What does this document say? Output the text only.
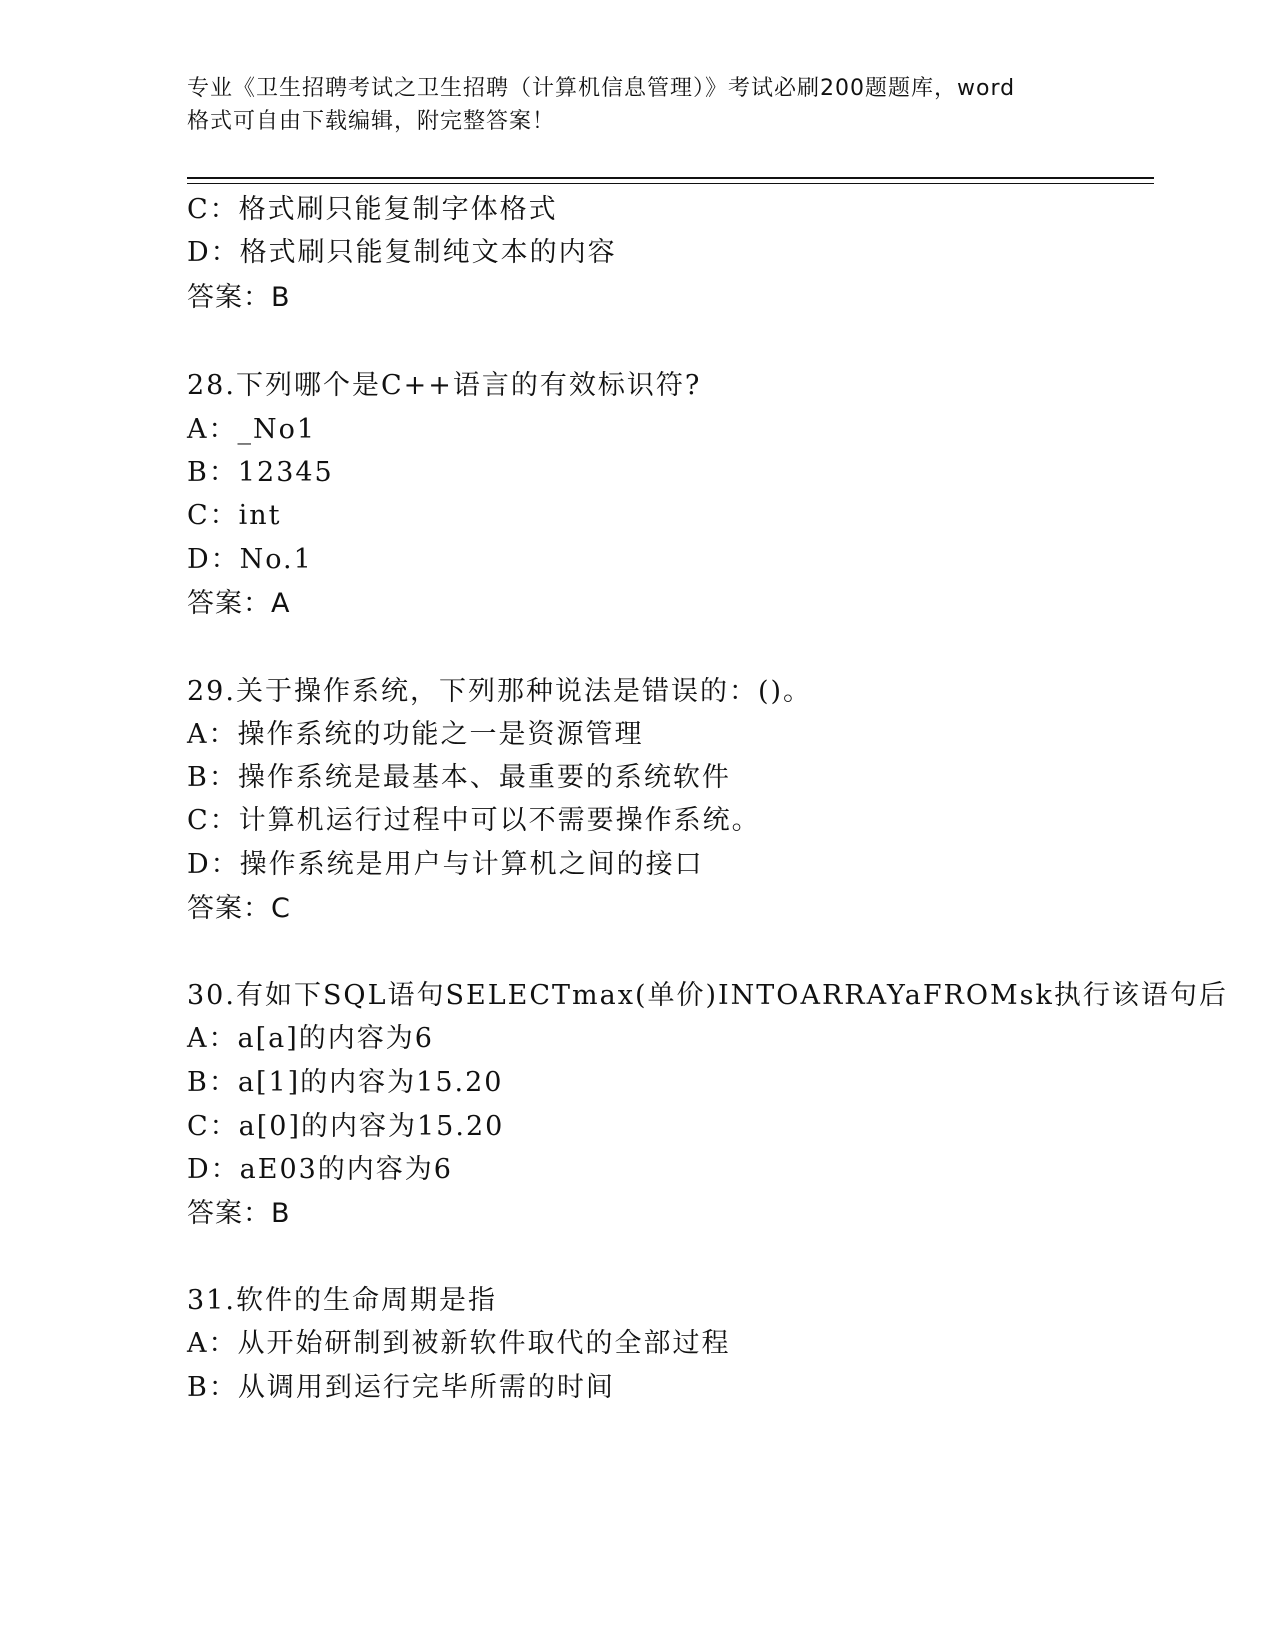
专业《卫生招聘考试之卫生招聘（计算机信息管理）》考试必刷200题题库，word
格式可自由下载编辑，附完整答案！
C：格式刷只能复制字体格式
D：格式刷只能复制纯文本的内容
答案：B
28.下列哪个是C++语言的有效标识符?
A：_No1
B：12345
C：int
D：No.1
答案：A
29.关于操作系统，下列那种说法是错误的：()。
A：操作系统的功能之一是资源管理
B：操作系统是最基本、最重要的系统软件
C：计算机运行过程中可以不需要操作系统。
D：操作系统是用户与计算机之间的接口
答案：C
30.有如下SQL语句SELECTmax(单价)INTOARRAYaFROMsk执行该语句后
A：a[a]的内容为6
B：a[1]的内容为15.20
C：a[0]的内容为15.20
D：aE03的内容为6
答案：B
31.软件的生命周期是指
A：从开始研制到被新软件取代的全部过程
B：从调用到运行完毕所需的时间
